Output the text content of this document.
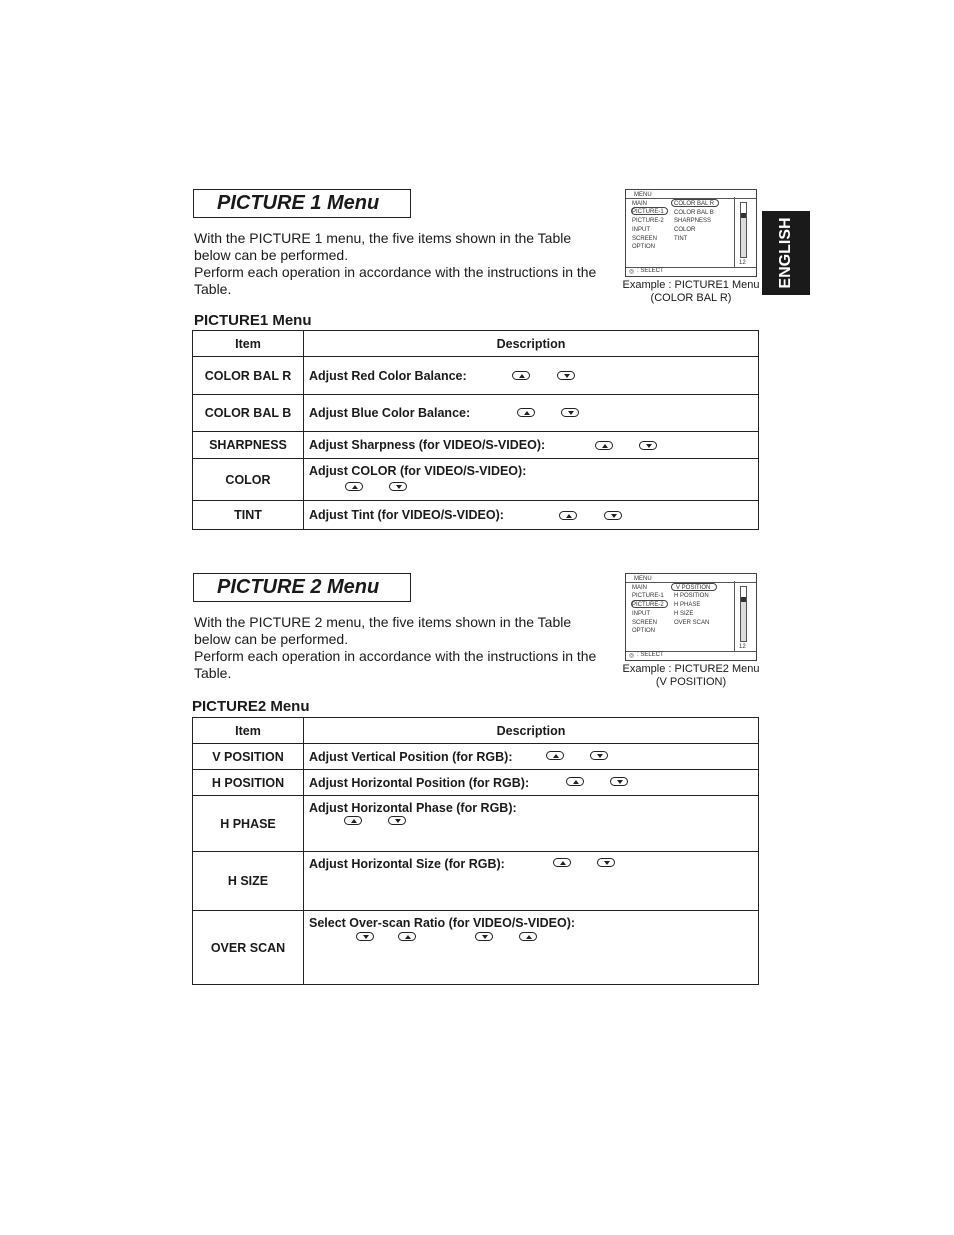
ENGLISH
PICTURE 1 Menu
With the PICTURE 1 menu, the five items shown in the Table
below can be performed.
Perform each operation in accordance with the instructions in the
Table.
MENU
MAIN
PICTURE-1
PICTURE-2
INPUT
SCREEN
OPTION
COLOR BAL R
COLOR BAL B
SHARPNESS
COLOR
TINT
12
◎ : SELECT
Example : PICTURE1 Menu
(COLOR BAL R)
PICTURE1 Menu
Item	Description
COLOR BAL R	Adjust Red Color Balance:
COLOR BAL B	Adjust Blue Color Balance:
SHARPNESS	Adjust Sharpness (for VIDEO/S-VIDEO):
COLOR	Adjust COLOR (for VIDEO/S-VIDEO):
TINT	Adjust Tint (for VIDEO/S-VIDEO):
PICTURE 2 Menu
With the PICTURE 2 menu, the five items shown in the Table
below can be performed.
Perform each operation in accordance with the instructions in the
Table.
MENU
MAIN
PICTURE-1
PICTURE-2
INPUT
SCREEN
OPTION
V POSITION
H POSITION
H PHASE
H SIZE
OVER SCAN
12
◎ : SELECT
Example : PICTURE2 Menu
(V POSITION)
PICTURE2 Menu
Item	Description
V POSITION	Adjust Vertical Position (for RGB):
H POSITION	Adjust Horizontal Position (for RGB):
H PHASE	Adjust Horizontal Phase (for RGB):
H SIZE	Adjust Horizontal Size (for RGB):
OVER SCAN	Select Over-scan Ratio (for VIDEO/S-VIDEO):
